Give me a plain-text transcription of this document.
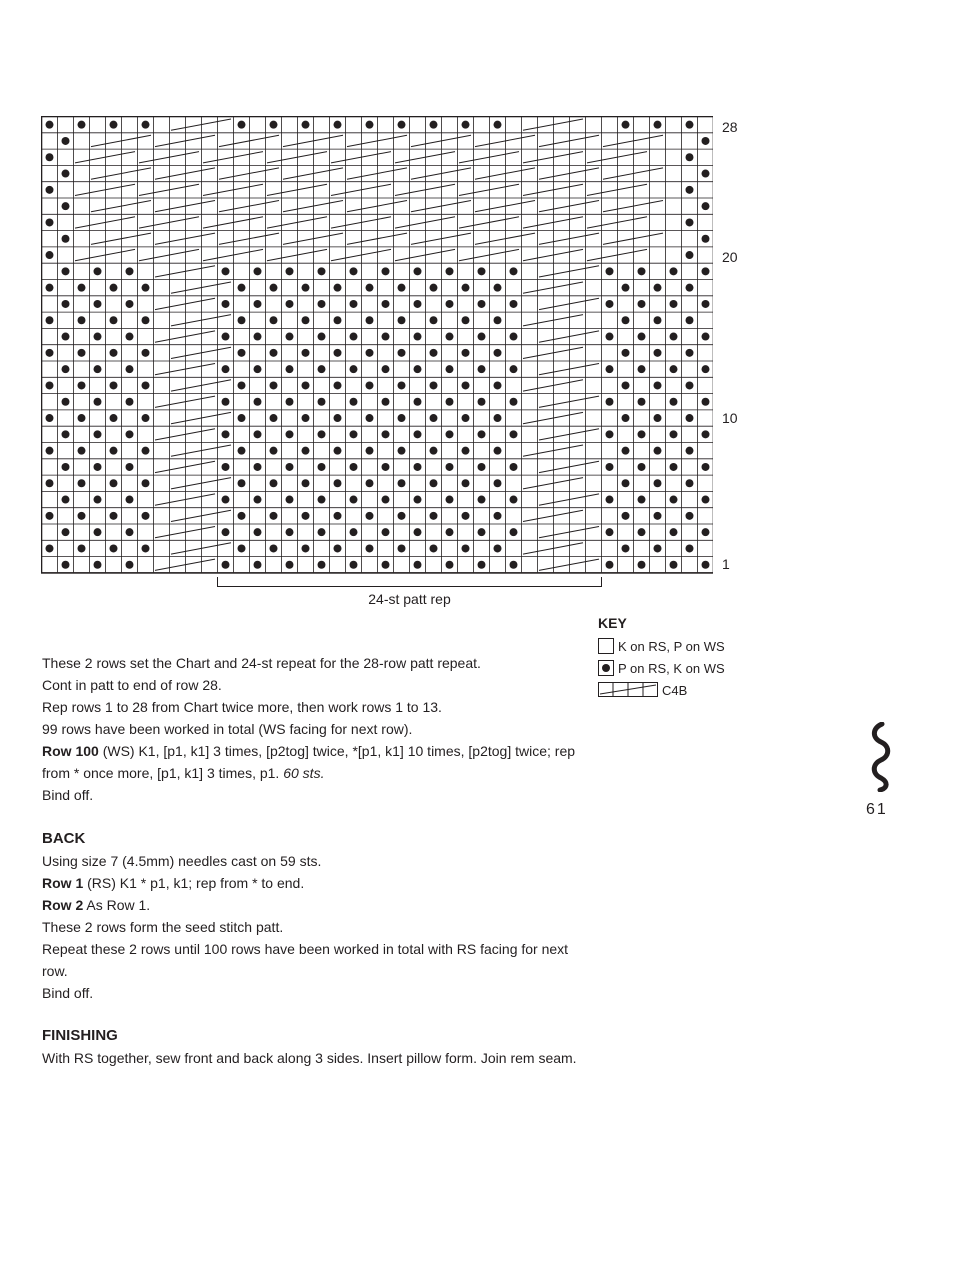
28
20
10
1
24-st patt rep
KEY
K on RS, P on WS
P on RS, K on WS
C4B

These 2 rows set the Chart and 24-st repeat for the 28-row patt repeat.

Cont in patt to end of row 28.

Rep rows 1 to 28 from Chart twice more, then work rows 1 to 13.

99 rows have been worked in total (WS facing for next row).

Row 100 (WS) K1, [p1, k1] 3 times, [p2tog] twice, *[p1, k1] 10 times, [p2tog] twice; rep from * once more, [p1, k1] 3 times, p1. 60 sts.

Bind off.

BACK

Using size 7 (4.5mm) needles cast on 59 sts.

Row 1 (RS) K1 * p1, k1; rep from * to end.

Row 2 As Row 1.

These 2 rows form the seed stitch patt.

Repeat these 2 rows until 100 rows have been worked in total with RS facing for next row.

Bind off.

FINISHING

With RS together, sew front and back along 3 sides. Insert pillow form. Join rem seam.

61
